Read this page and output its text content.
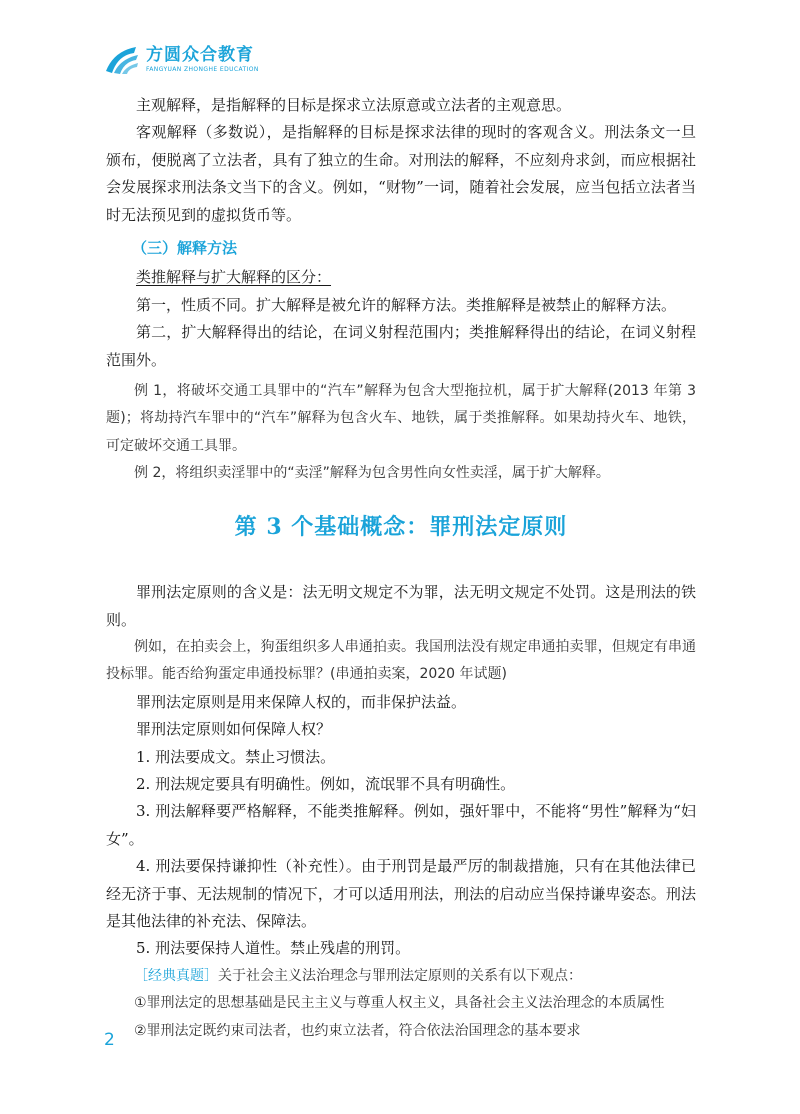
方圆众合教育
FANGYUAN ZHONGHE EDUCATION

主观解释，是指解释的目标是探求立法原意或立法者的主观意思。

客观解释（多数说），是指解释的目标是探求法律的现时的客观含义。刑法条文一旦颁布，便脱离了立法者，具有了独立的生命。对刑法的解释，不应刻舟求剑，而应根据社会发展探求刑法条文当下的含义。例如，“财物”一词，随着社会发展，应当包括立法者当时无法预见到的虚拟货币等。

（三）解释方法

类推解释与扩大解释的区分：

第一，性质不同。扩大解释是被允许的解释方法。类推解释是被禁止的解释方法。

第二，扩大解释得出的结论，在词义射程范围内；类推解释得出的结论，在词义射程范围外。

例 1，将破坏交通工具罪中的“汽车”解释为包含大型拖拉机，属于扩大解释(2013 年第 3 题)；将劫持汽车罪中的“汽车”解释为包含火车、地铁，属于类推解释。如果劫持火车、地铁，可定破坏交通工具罪。

例 2，将组织卖淫罪中的“卖淫”解释为包含男性向女性卖淫，属于扩大解释。

第 3 个基础概念：罪刑法定原则

罪刑法定原则的含义是：法无明文规定不为罪，法无明文规定不处罚。这是刑法的铁则。

例如，在拍卖会上，狗蛋组织多人串通拍卖。我国刑法没有规定串通拍卖罪，但规定有串通投标罪。能否给狗蛋定串通投标罪？(串通拍卖案，2020 年试题)

罪刑法定原则是用来保障人权的，而非保护法益。

罪刑法定原则如何保障人权？

1. 刑法要成文。禁止习惯法。

2. 刑法规定要具有明确性。例如，流氓罪不具有明确性。

3. 刑法解释要严格解释，不能类推解释。例如，强奸罪中，不能将“男性”解释为“妇女”。

4. 刑法要保持谦抑性（补充性）。由于刑罚是最严厉的制裁措施，只有在其他法律已经无济于事、无法规制的情况下，才可以适用刑法，刑法的启动应当保持谦卑姿态。刑法是其他法律的补充法、保障法。

5. 刑法要保持人道性。禁止残虐的刑罚。

［经典真题］关于社会主义法治理念与罪刑法定原则的关系有以下观点：

①罪刑法定的思想基础是民主主义与尊重人权主义，具备社会主义法治理念的本质属性

②罪刑法定既约束司法者，也约束立法者，符合依法治国理念的基本要求

2
